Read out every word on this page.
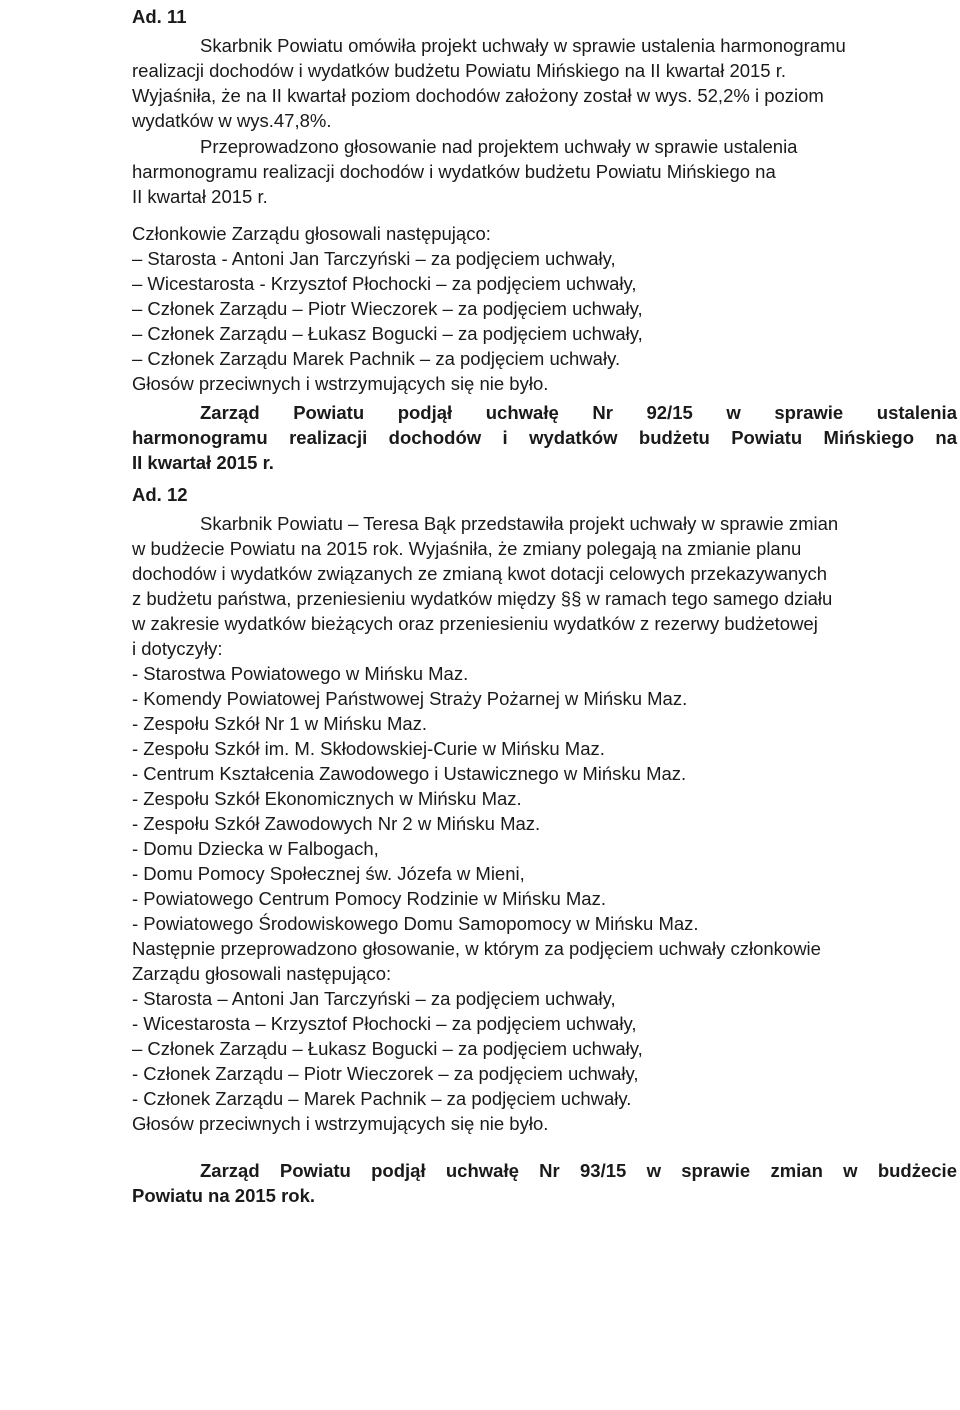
Ad. 11
Skarbnik Powiatu omówiła projekt uchwały w sprawie ustalenia harmonogramu
realizacji dochodów i wydatków budżetu Powiatu Mińskiego na II kwartał 2015 r.
Wyjaśniła, że na II kwartał poziom dochodów założony został w wys. 52,2% i poziom
wydatków w wys.47,8%.
Przeprowadzono głosowanie nad projektem uchwały w sprawie ustalenia
harmonogramu realizacji dochodów i wydatków budżetu Powiatu Mińskiego na
II kwartał 2015 r.
Członkowie Zarządu głosowali następująco:
– Starosta - Antoni Jan Tarczyński – za podjęciem uchwały,
– Wicestarosta - Krzysztof Płochocki – za podjęciem uchwały,
– Członek Zarządu – Piotr Wieczorek – za podjęciem uchwały,
– Członek Zarządu – Łukasz Bogucki – za podjęciem uchwały,
– Członek Zarządu Marek Pachnik – za podjęciem uchwały.
Głosów przeciwnych i wstrzymujących się nie było.
Zarząd Powiatu podjął uchwałę Nr 92/15 w sprawie ustalenia
harmonogramu realizacji dochodów i wydatków budżetu Powiatu Mińskiego na
II kwartał 2015 r.
Ad. 12
Skarbnik Powiatu – Teresa Bąk przedstawiła projekt uchwały w sprawie zmian
w budżecie Powiatu na 2015 rok. Wyjaśniła, że zmiany polegają na zmianie planu
dochodów i wydatków związanych ze zmianą kwot dotacji celowych przekazywanych
z budżetu państwa, przeniesieniu wydatków między §§ w ramach tego samego działu
w zakresie wydatków bieżących oraz przeniesieniu wydatków z rezerwy budżetowej
i dotyczyły:
- Starostwa Powiatowego w Mińsku Maz.
- Komendy Powiatowej Państwowej Straży Pożarnej w Mińsku Maz.
- Zespołu Szkół Nr 1 w Mińsku Maz.
- Zespołu Szkół im. M. Skłodowskiej-Curie w Mińsku Maz.
- Centrum Kształcenia Zawodowego i Ustawicznego w Mińsku Maz.
- Zespołu Szkół Ekonomicznych w Mińsku Maz.
- Zespołu Szkół Zawodowych Nr 2 w Mińsku Maz.
- Domu Dziecka w Falbogach,
- Domu Pomocy Społecznej św. Józefa w Mieni,
- Powiatowego Centrum Pomocy Rodzinie w Mińsku Maz.
- Powiatowego Środowiskowego Domu Samopomocy w Mińsku Maz.
Następnie przeprowadzono głosowanie, w którym za podjęciem uchwały członkowie
Zarządu głosowali następująco:
- Starosta – Antoni Jan Tarczyński – za podjęciem uchwały,
- Wicestarosta – Krzysztof Płochocki – za podjęciem uchwały,
– Członek Zarządu – Łukasz Bogucki – za podjęciem uchwały,
- Członek Zarządu – Piotr Wieczorek – za podjęciem uchwały,
- Członek Zarządu – Marek Pachnik – za podjęciem uchwały.
Głosów przeciwnych i wstrzymujących się nie było.
Zarząd Powiatu podjął uchwałę Nr 93/15 w sprawie zmian w budżecie
Powiatu na 2015 rok.
